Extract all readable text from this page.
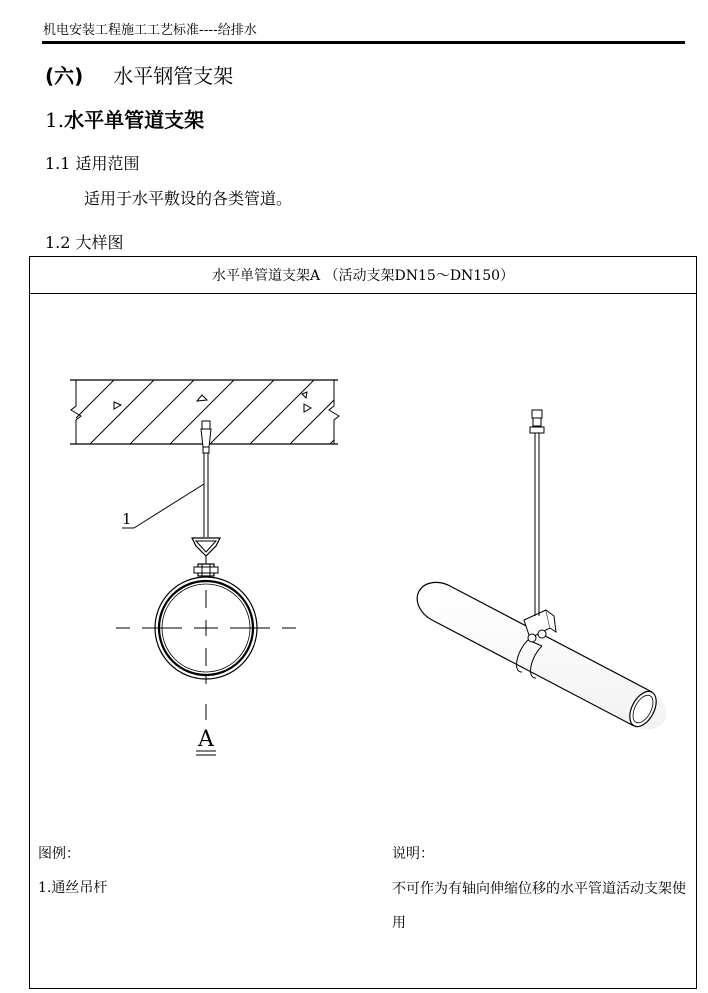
机电安装工程施工工艺标准----给排水
(六) 水平钢管支架
1.水平单管道支架
1.1 适用范围
适用于水平敷设的各类管道。
1.2 大样图
水平单管道支架A （活动支架DN15～DN150）
1
A
图例：
1.通丝吊杆
说明：
不可作为有轴向伸缩位移的水平管道活动支架使用
